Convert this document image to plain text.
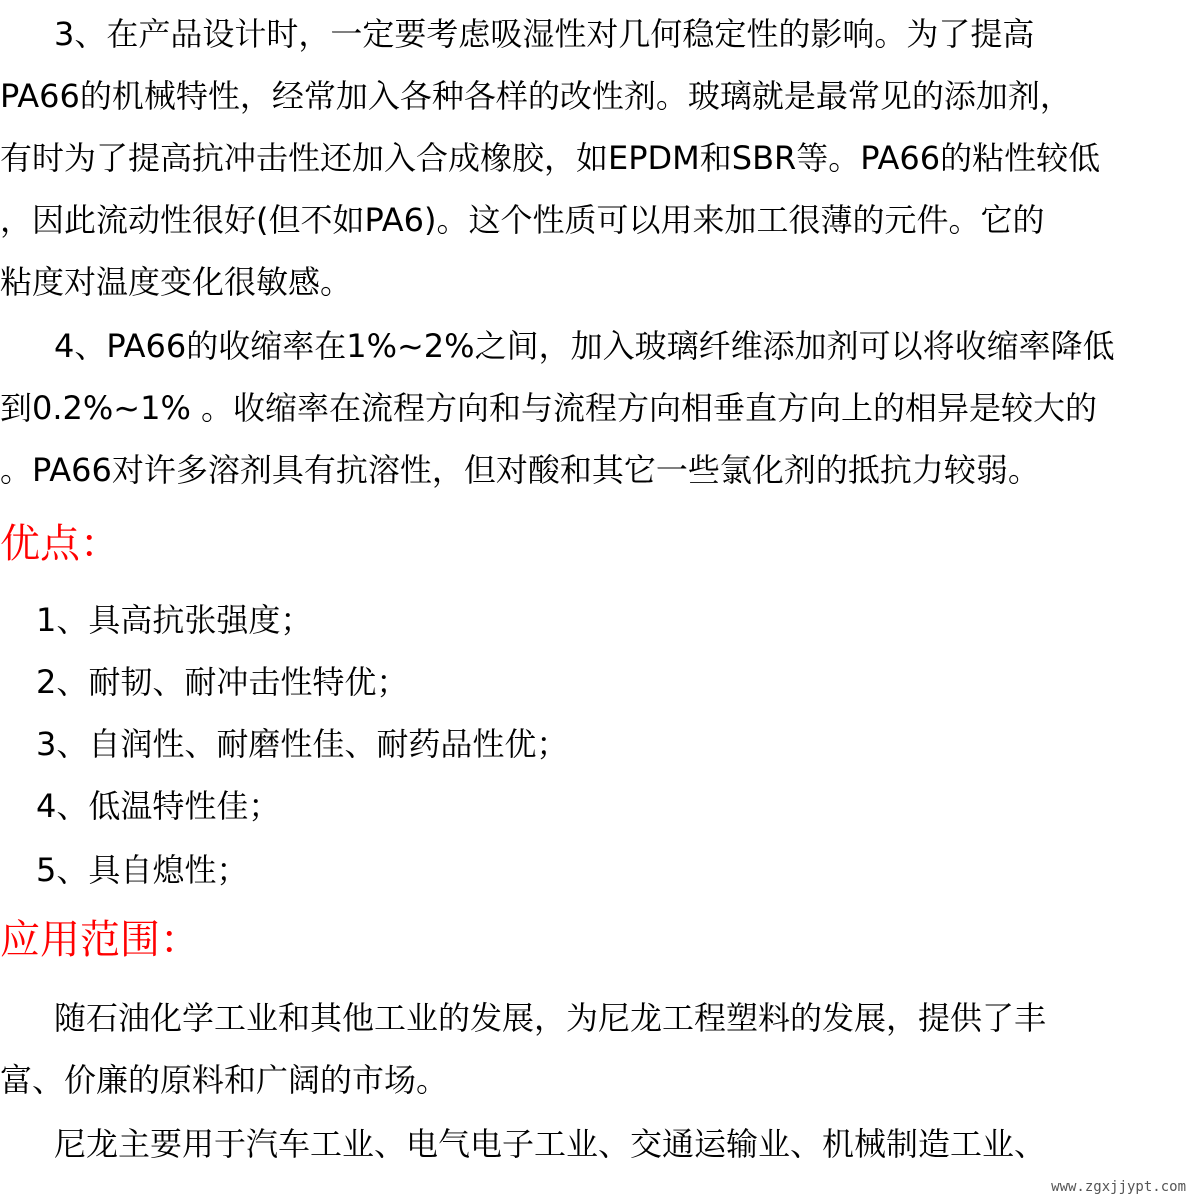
　3、在产品设计时，一定要考虑吸湿性对几何稳定性的影响。为了提高
PA66的机械特性，经常加入各种各样的改性剂。玻璃就是最常见的添加剂，
有时为了提高抗冲击性还加入合成橡胶，如EPDM和SBR等。PA66的粘性较低
，因此流动性很好(但不如PA6)。这个性质可以用来加工很薄的元件。它的
粘度对温度变化很敏感。
　4、PA66的收缩率在1%~2%之间，加入玻璃纤维添加剂可以将收缩率降低
到0.2%~1% 。收缩率在流程方向和与流程方向相垂直方向上的相异是较大的
。PA66对许多溶剂具有抗溶性，但对酸和其它一些氯化剂的抵抗力较弱。
优点：
1、具高抗张强度；
2、耐韧、耐冲击性特优；
3、自润性、耐磨性佳、耐药品性优；
4、低温特性佳；
5、具自熄性；
应用范围：
　随石油化学工业和其他工业的发展，为尼龙工程塑料的发展，提供了丰
富、价廉的原料和广阔的市场。
　尼龙主要用于汽车工业、电气电子工业、交通运输业、机械制造工业、
www.zgxjjypt.com
